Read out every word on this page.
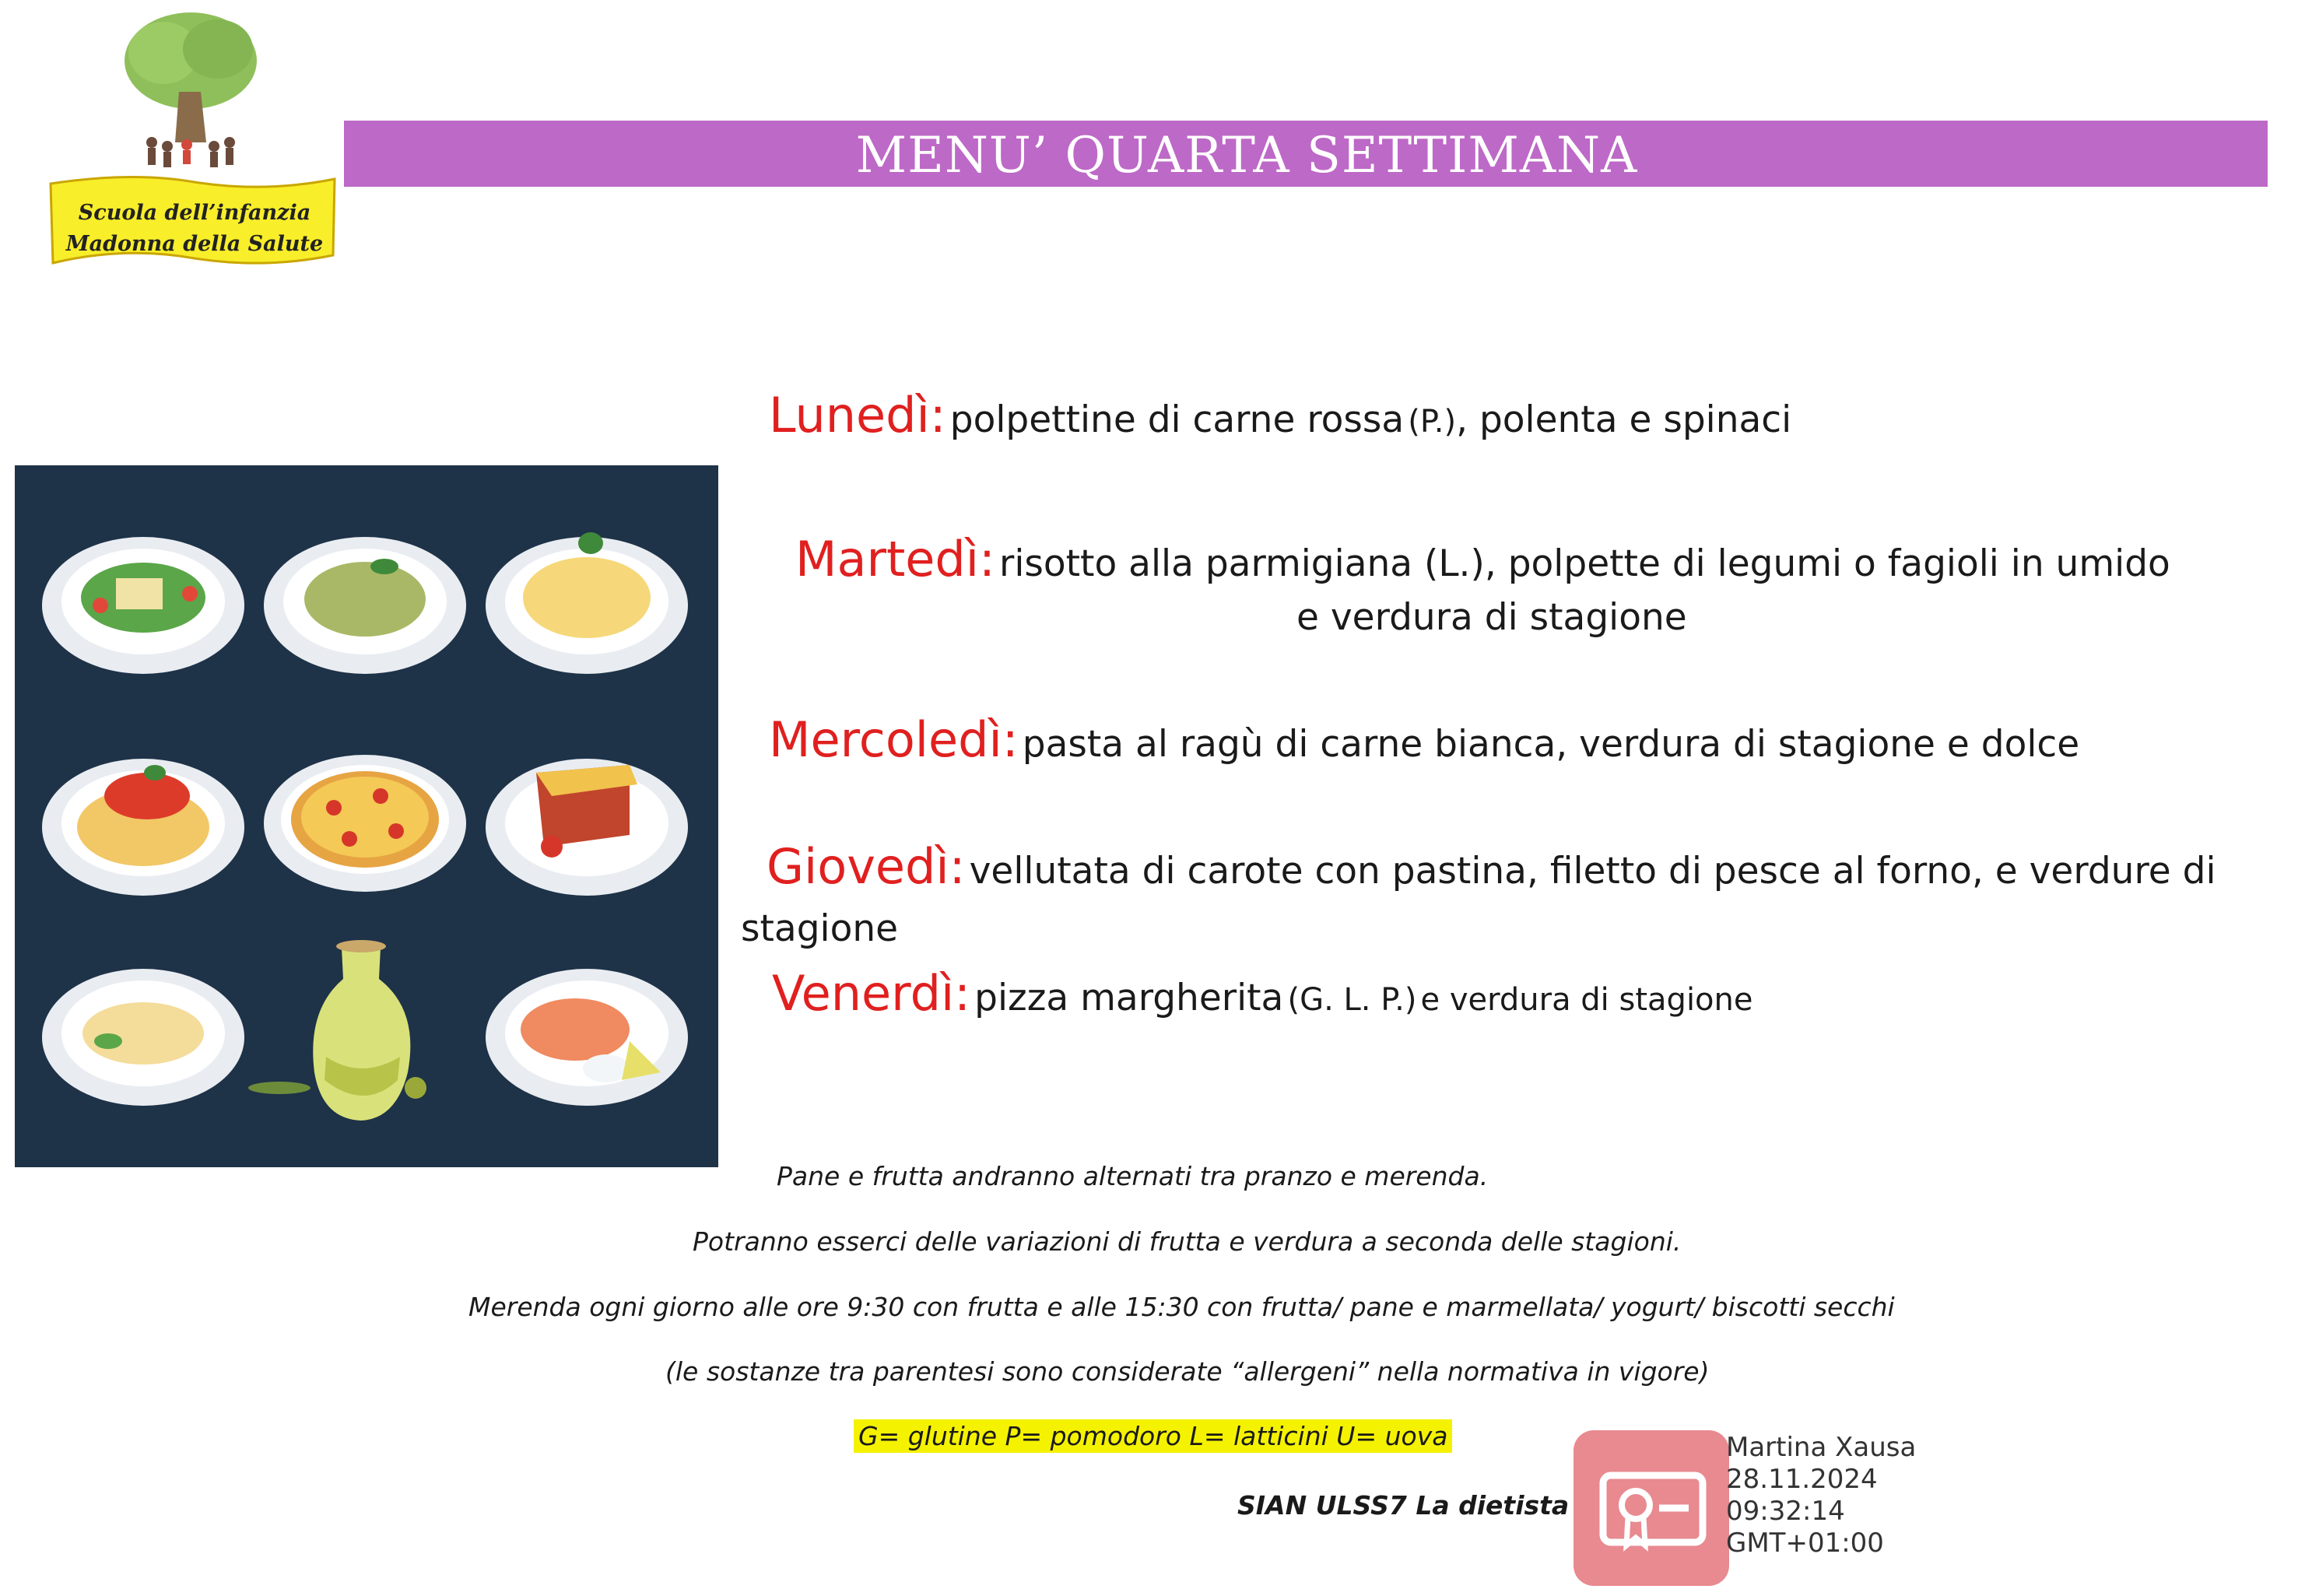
Scuola dell’infanzia
Madonna della Salute
MENU’ QUARTA SETTIMANA
Lunedì: polpettine di carne rossa (P.), polenta e spinaci
Martedì: risotto alla parmigiana (L.), polpette di legumi o fagioli in umido
e verdura di stagione
Mercoledì: pasta al ragù di carne bianca, verdura di stagione e dolce
Giovedì: vellutata di carote con pastina, filetto di pesce al forno, e verdure di
stagione
Venerdì: pizza margherita (G. L. P.) e verdura di stagione
Pane e frutta andranno alternati tra pranzo e merenda.
Potranno esserci delle variazioni di frutta e verdura a seconda delle stagioni.
Merenda ogni giorno alle ore 9:30 con frutta e alle 15:30 con frutta/ pane e marmellata/ yogurt/ biscotti secchi
(le sostanze tra parentesi sono considerate “allergeni” nella normativa in vigore)
G= glutine P= pomodoro L= latticini U= uova
SIAN ULSS7 La dietista
Martina Xausa
28.11.2024
09:32:14
GMT+01:00
